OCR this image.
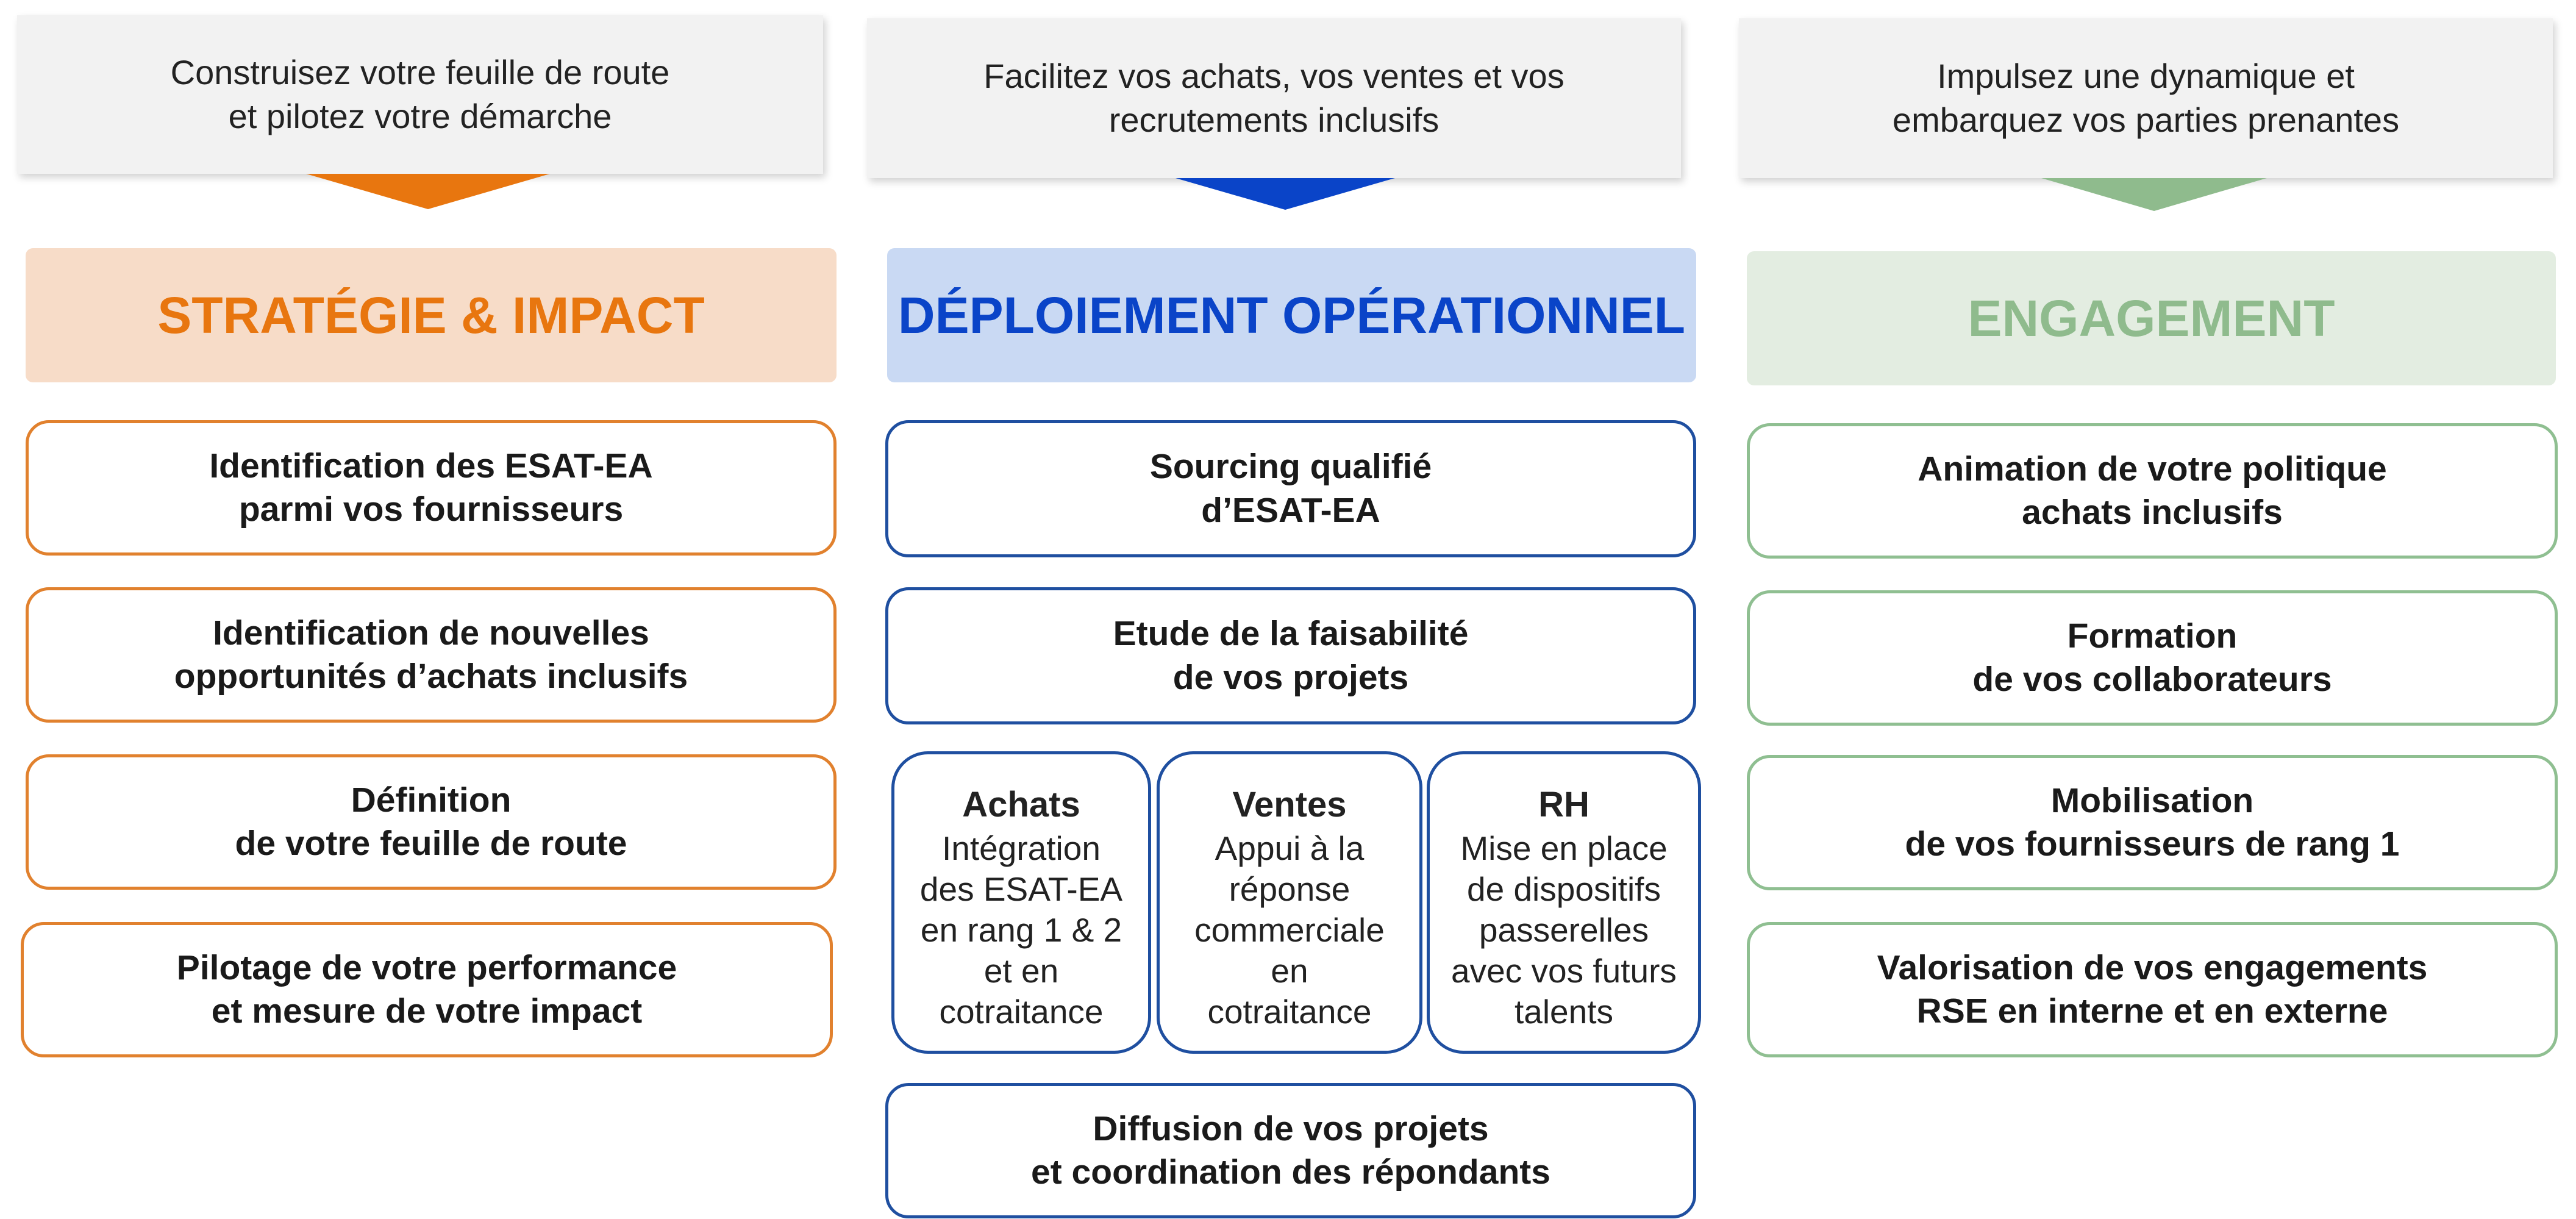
Construisez votre feuille de route
et pilotez votre démarche
STRATÉGIE & IMPACT
Identification des ESAT-EA
parmi vos fournisseurs
Identification de nouvelles
opportunités d’achats inclusifs
Définition
de votre feuille de route
Pilotage de votre performance
et mesure de votre impact
Facilitez vos achats, vos ventes et vos
recrutements inclusifs
DÉPLOIEMENT OPÉRATIONNEL
Sourcing qualifié
d’ESAT-EA
Etude de la faisabilité
de vos projets
Achats
Intégration
des ESAT-EA
en rang 1 & 2
et en
cotraitance
Ventes
Appui à la
réponse
commerciale
en
cotraitance
RH
Mise en place
de dispositifs
passerelles
avec vos futurs
talents
Diffusion de vos projets
et coordination des répondants
Impulsez une dynamique et
embarquez vos parties prenantes
ENGAGEMENT
Animation de votre politique
achats inclusifs
Formation
de vos collaborateurs
Mobilisation
de vos fournisseurs de rang 1
Valorisation de vos engagements
RSE en interne et en externe
